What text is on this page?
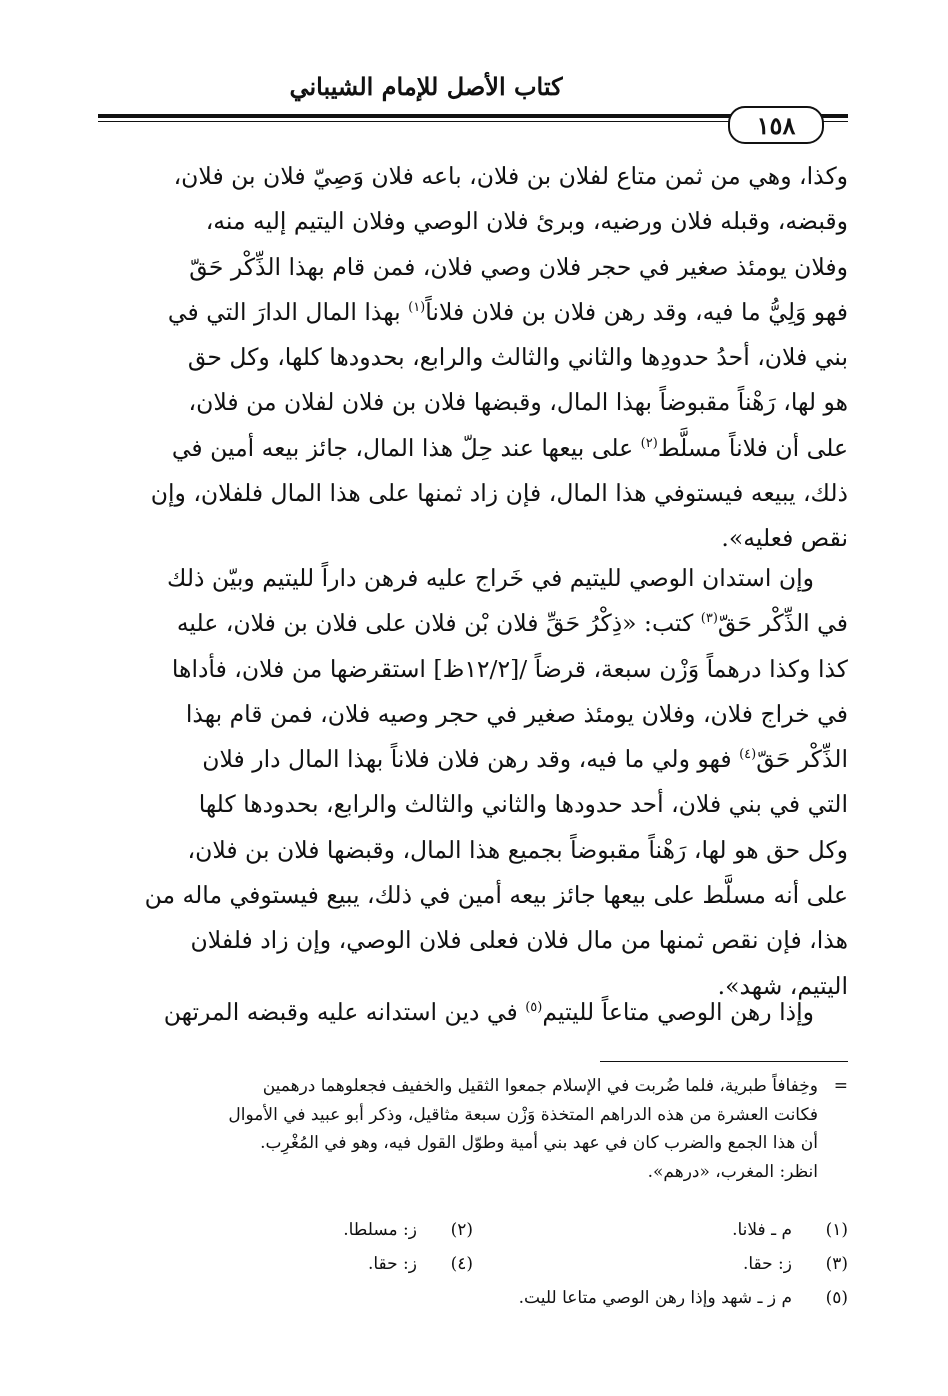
كتاب الأصل للإمام الشيباني
١٥٨

وكذا، وهي من ثمن متاع لفلان بن فلان، باعه فلان وَصِيّ فلان بن فلان،

وقبضه، وقبله فلان ورضيه، وبرئ فلان الوصي وفلان اليتيم إليه منه،

وفلان يومئذ صغير في حجر فلان وصي فلان، فمن قام بهذا الذِّكْر حَقّ

فهو وَلِيُّ ما فيه، وقد رهن فلان بن فلان فلاناً$^{(١)}$ بهذا المال الدارَ التي في

بني فلان، أحدُ حدودِها والثاني والثالث والرابع، بحدودها كلها، وكل حق

هو لها، رَهْناً مقبوضاً بهذا المال، وقبضها فلان بن فلان لفلان من فلان،

على أن فلاناً مسلَّط$^{(٢)}$ على بيعها عند حِلّ هذا المال، جائز بيعه أمين في

ذلك، يبيعه فيستوفي هذا المال، فإن زاد ثمنها على هذا المال فلفلان، وإن

نقص فعليه».

وإن استدان الوصي لليتيم في خَراج عليه فرهن داراً لليتيم وبيّن ذلك

في الذِّكْر حَقّ$^{(٣)}$ كتب: «ذِكْرُ حَقِّ فلان بْن فلان على فلان بن فلان، عليه

كذا وكذا درهماً وَزْن سبعة، قرضاً /[١٢/٢ظ] استقرضها من فلان، فأداها

في خراج فلان، وفلان يومئذ صغير في حجر وصيه فلان، فمن قام بهذا

الذِّكْر حَقّ$^{(٤)}$ فهو ولي ما فيه، وقد رهن فلان فلاناً بهذا المال دار فلان

التي في بني فلان، أحد حدودها والثاني والثالث والرابع، بحدودها كلها

وكل حق هو لها، رَهْناً مقبوضاً بجميع هذا المال، وقبضها فلان بن فلان،

على أنه مسلَّط على بيعها جائز بيعه أمين في ذلك، يبيع فيستوفي ماله من

هذا، فإن نقص ثمنها من مال فلان فعلى فلان الوصي، وإن زاد فلفلان

اليتيم، شهد».

وإذا رهن الوصي متاعاً لليتيم$^{(٥)}$ في دين استدانه عليه وقبضه المرتهن

=
وخِفافاً طبرية، فلما ضُربت في الإسلام جمعوا الثقيل والخفيف فجعلوهما درهمين
فكانت العشرة من هذه الدراهم المتخذة وَزْن سبعة مثاقيل، وذكر أبو عبيد في الأموال
أن هذا الجمع والضرب كان في عهد بني أمية وطوّل القول فيه، وهو في المُغْرِب.
انظر: المغرب، «درهم».
(١)
م ـ فلانا.
(٢)
ز: مسلطا.
(٣)
ز: حقا.
(٤)
ز: حقا.
(٥)
م ز ـ شهد وإذا رهن الوصي متاعا لليت.
